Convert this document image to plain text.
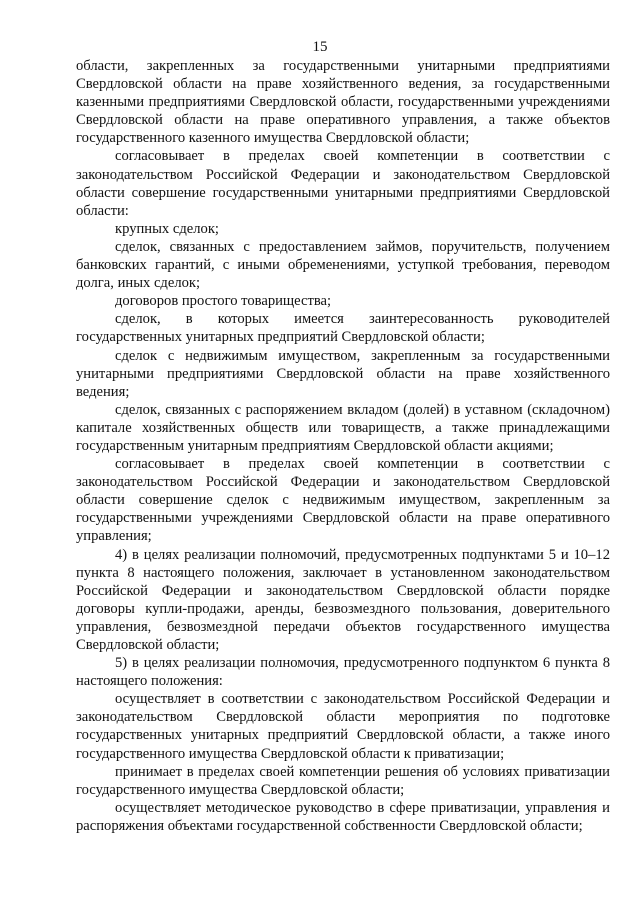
15

области, закрепленных за государственными унитарными предприятиями Свердловской области на праве хозяйственного ведения, за государственными казенными предприятиями Свердловской области, государственными учреждениями Свердловской области на праве оперативного управления, а также объектов государственного казенного имущества Свердловской области;

согласовывает в пределах своей компетенции в соответствии с законодательством Российской Федерации и законодательством Свердловской области совершение государственными унитарными предприятиями Свердловской области:

крупных сделок;

сделок, связанных с предоставлением займов, поручительств, получением банковских гарантий, с иными обременениями, уступкой требования, переводом долга, иных сделок;

договоров простого товарищества;

сделок, в которых имеется заинтересованность руководителей государственных унитарных предприятий Свердловской области;

сделок с недвижимым имуществом, закрепленным за государственными унитарными предприятиями Свердловской области на праве хозяйственного ведения;

сделок, связанных с распоряжением вкладом (долей) в уставном (складочном) капитале хозяйственных обществ или товариществ, а также принадлежащими государственным унитарным предприятиям Свердловской области акциями;

согласовывает в пределах своей компетенции в соответствии с законодательством Российской Федерации и законодательством Свердловской области совершение сделок с недвижимым имуществом, закрепленным за государственными учреждениями Свердловской области на праве оперативного управления;

4) в целях реализации полномочий, предусмотренных подпунктами 5 и 10–12 пункта 8 настоящего положения, заключает в установленном законодательством Российской Федерации и законодательством Свердловской области порядке договоры купли-продажи, аренды, безвозмездного пользования, доверительного управления, безвозмездной передачи объектов государственного имущества Свердловской области;

5) в целях реализации полномочия, предусмотренного подпунктом 6 пункта 8 настоящего положения:

осуществляет в соответствии с законодательством Российской Федерации и законодательством Свердловской области мероприятия по подготовке государственных унитарных предприятий Свердловской области, а также иного государственного имущества Свердловской области к приватизации;

принимает в пределах своей компетенции решения об условиях приватизации государственного имущества Свердловской области;

осуществляет методическое руководство в сфере приватизации, управления и распоряжения объектами государственной собственности Свердловской области;
